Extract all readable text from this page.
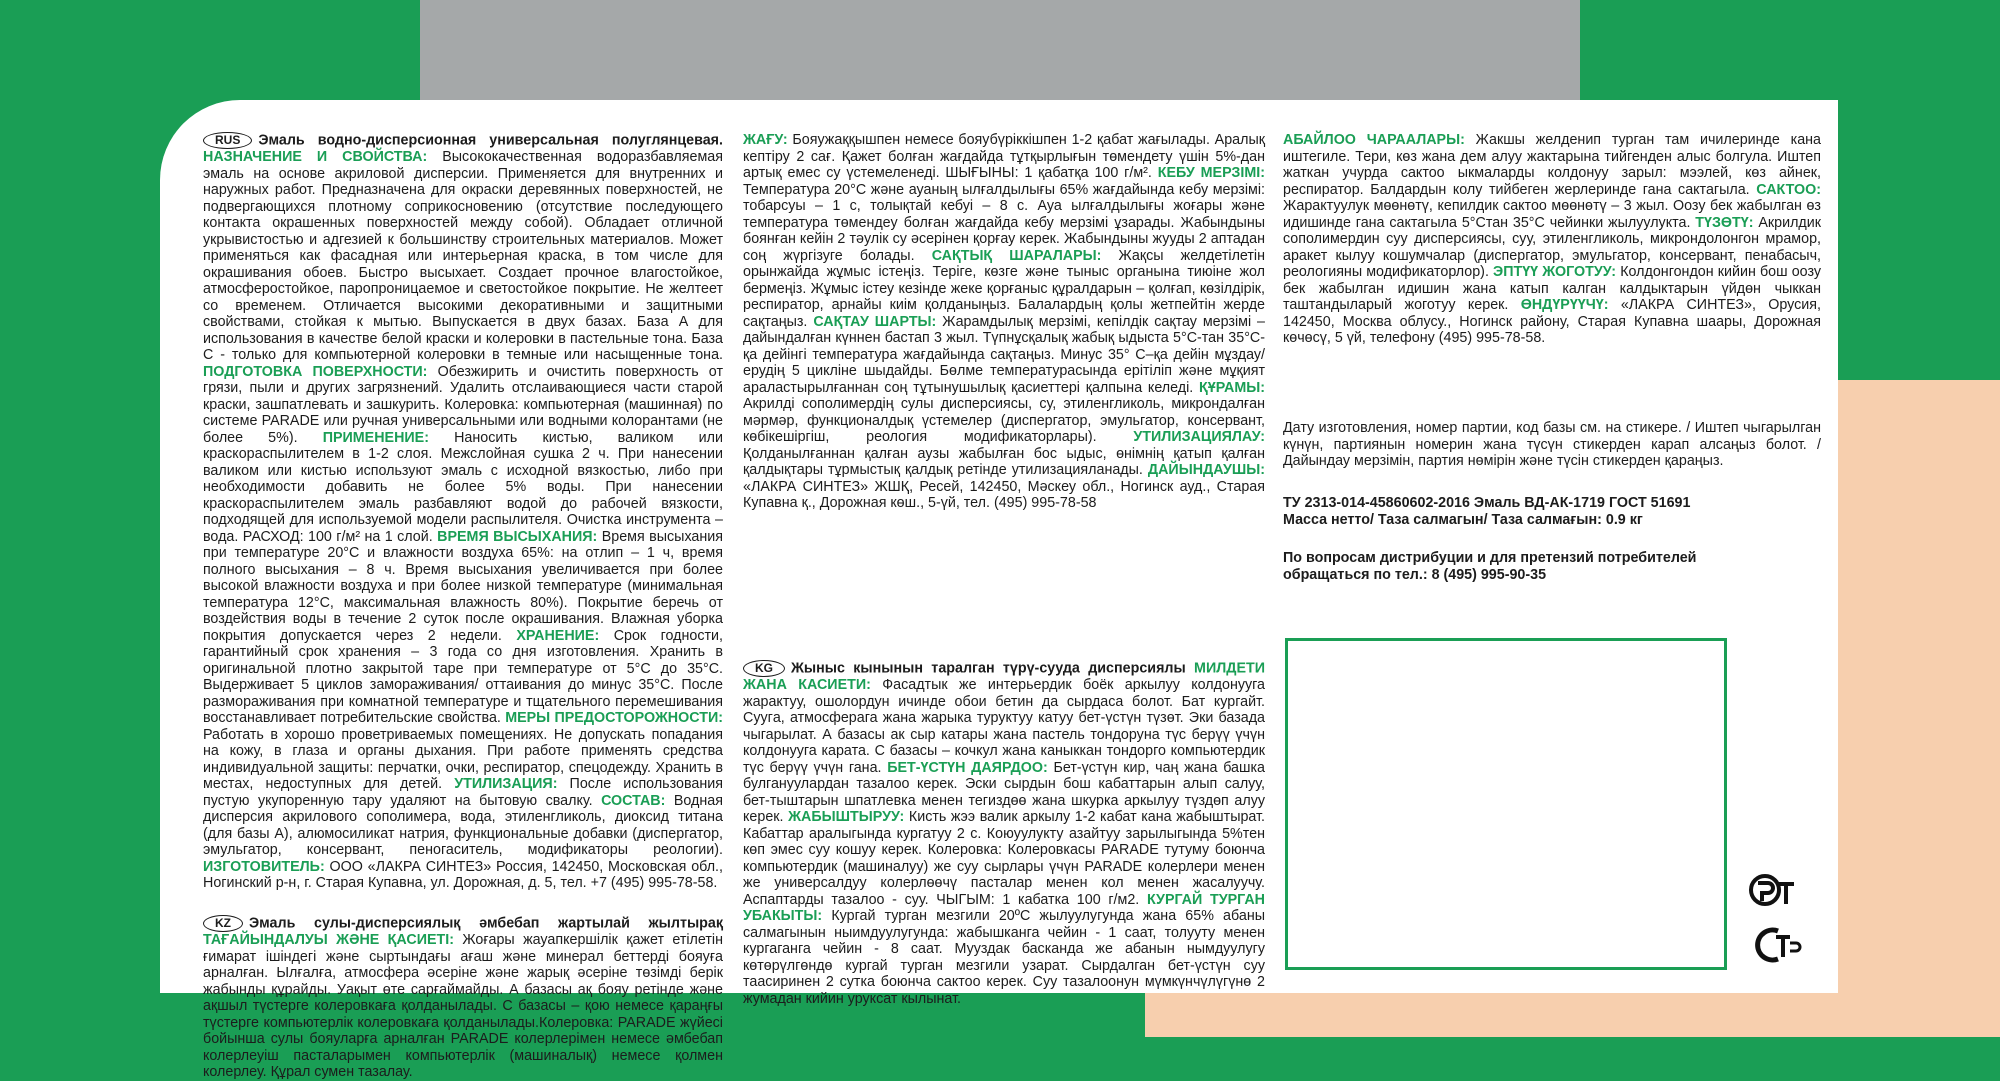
RUSЭмаль водно-дисперсионная универсальная полуглянцевая. НАЗНАЧЕНИЕ И СВОЙСТВА: Высококачественная водоразбавляемая эмаль на основе акриловой дисперсии. Применяется для внутренних и наружных работ. Предназначена для окраски деревянных поверхностей, не подвергающихся плотному соприкосновению (отсутствие последующего контакта окрашенных поверхностей между собой). Обладает отличной укрывистостью и адгезией к большинству строительных материалов. Может применяться как фасадная или интерьерная краска, в том числе для окрашивания обоев. Быстро высыхает. Создает прочное влагостойкое, атмосферостойкое, паропроницаемое и светостойкое покрытие. Не желтеет со временем. Отличается высокими декоративными и защитными свойствами, стойкая к мытью. Выпускается в двух базах. База А для использования в качестве белой краски и колеровки в пастельные тона. База С - только для компьютерной колеровки в темные или насыщенные тона. ПОДГОТОВКА ПОВЕРХНОСТИ: Обезжирить и очистить поверхность от грязи, пыли и других загрязнений. Удалить отслаивающиеся части старой краски, зашпатлевать и зашкурить. Колеровка: компьютерная (машинная) по системе PARADE или ручная универсальными или водными колорантами (не более 5%). ПРИМЕНЕНИЕ: Наносить кистью, валиком или краскораспылителем в 1-2 слоя. Межслойная сушка 2 ч. При нанесении валиком или кистью используют эмаль с исходной вязкостью, либо при необходимости добавить не более 5% воды. При нанесении краскораспылителем эмаль разбавляют водой до рабочей вязкости, подходящей для используемой модели распылителя. Очистка инструмента – вода. РАСХОД: 100 г/м² на 1 слой. ВРЕМЯ ВЫСЫХАНИЯ: Время высыхания при температуре 20°С и влажности воздуха 65%: на отлип – 1 ч, время полного высыхания – 8 ч. Время высыхания увеличивается при более высокой влажности воздуха и при более низкой температуре (минимальная температура 12°С, максимальная влажность 80%). Покрытие беречь от воздействия воды в течение 2 суток после окрашивания. Влажная уборка покрытия допускается через 2 недели. ХРАНЕНИЕ: Срок годности, гарантийный срок хранения – 3 года со дня изготовления. Хранить в оригинальной плотно закрытой таре при температуре от 5°С до 35°С. Выдерживает 5 циклов замораживания/ оттаивания до минус 35°С. После размораживания при комнатной температуре и тщательного перемешивания восстанавливает потребительские свойства. МЕРЫ ПРЕДОСТОРОЖНОСТИ: Работать в хорошо проветриваемых помещениях. Не допускать попадания на кожу, в глаза и органы дыхания. При работе применять средства индивидуальной защиты: перчатки, очки, респиратор, спецодежду. Хранить в местах, недоступных для детей. УТИЛИЗАЦИЯ: После использования пустую укупоренную тару удаляют на бытовую свалку. СОСТАВ: Водная дисперсия акрилового сополимера, вода, этиленгликоль, диоксид титана (для базы А), алюмосиликат натрия, функциональные добавки (диспергатор, эмульгатор, консервант, пеногаситель, модификаторы реологии). ИЗГОТОВИТЕЛЬ: ООО «ЛАКРА СИНТЕЗ» Россия, 142450, Московская обл., Ногинский р-н, г. Старая Купавна, ул. Дорожная, д. 5, тел. +7 (495) 995-78-58.
KZЭмаль сулы-дисперсиялық әмбебап жартылай жылтырақ ТАҒАЙЫНДАЛУЫ ЖӘНЕ ҚАСИЕТІ: Жоғары жауапкершілік қажет етілетін ғимарат ішіндегі және сыртындағы ағаш және минерал беттерді бояуға арналған. Ылғалға, атмосфера әсеріне және жарық әсеріне төзімді берік жабынды құрайды. Уақыт өте сарғаймайды. А базасы ақ бояу ретінде және ақшыл түстерге колеровкаға қолданылады. С базасы – қою немесе қараңғы түстерге компьютерлік колеровкаға қолданылады.Колеровка: PARADE жүйесі бойынша сулы бояуларға арналған PARADE колерлерімен немесе әмбебап колерлеуіш пасталарымен компьютерлік (машиналық) немесе қолмен колерлеу. Құрал сумен тазалау.
ЖАҒУ: Бояужаққышпен немесе бояубүріккішпен 1-2 қабат жағылады. Аралық кептіру 2 сағ. Қажет болған жағдайда тұтқырлығын төмендету үшін 5%-дан артық емес су үстемеленеді. ШЫҒЫНЫ: 1 қабатқа 100 г/м². КЕБУ МЕРЗІМІ: Температура 20°С және ауаның ылғалдылығы 65% жағдайында кебу мерзімі: тобарсуы – 1 с, толықтай кебуі – 8 с. Ауа ылғалдылығы жоғары және температура төмендеу болған жағдайда кебу мерзімі ұзарады. Жабындыны боянған кейін 2 тәулік су әсерінен қорғау керек. Жабындыны жууды 2 аптадан соң жүргізуге болады. САҚТЫҚ ШАРАЛАРЫ: Жақсы желдетілетін орынжайда жұмыс істеңіз. Теріге, көзге және тыныс органына тиюіне жол бермеңіз. Жұмыс істеу кезінде жеке қорғаныс құралдарын – қолғап, көзілдірік, респиратор, арнайы киім қолданыңыз. Балалардың қолы жетпейтін жерде сақтаңыз. САҚТАУ ШАРТЫ: Жарамдылық мерзімі, кепілдік сақтау мерзімі – дайындалған күннен бастап 3 жыл. Түпнұсқалық жабық ыдыста 5°С-тан 35°С-қа дейінгі температура жағдайында сақтаңыз. Минус 35° С–қа дейін мұздау/ерудің 5 цикліне шыдайды. Бөлме температурасында ерітіліп және мұқият араластырылғаннан соң тұтынушылық қасиеттері қалпына келеді. ҚҰРАМЫ: Акрилді сополимердің сулы дисперсиясы, су, этиленгликоль, микрондалған мәрмәр, функционалдық үстемелер (диспергатор, эмульгатор, консервант, көбікешіргіш, реология модификаторлары). УТИЛИЗАЦИЯЛАУ: Қолданылғаннан қалған аузы жабылған бос ыдыс, өнімнің қатып қалған қалдықтары тұрмыстық қалдық ретінде утилизацияланады. ДАЙЫНДАУШЫ: «ЛАКРА СИНТЕЗ» ЖШҚ, Ресей, 142450, Мәскеу обл., Ногинск ауд., Старая Купавна қ., Дорожная көш., 5-үй, тел. (495) 995-78-58
KGЖыныс кынынын таралган түрү-сууда дисперсиялы МИЛДЕТИ ЖАНА КАСИЕТИ: Фасадтык же интерьердик боёк аркылуу колдонууга жарактуу, ошолордун ичинде обои бетин да сырдаса болот. Бат кургайт. Суугa, атмосферага жана жарыка туруктуу катуу бет-үстүн түзөт. Эки базада чыгарылат. А базасы ак сыр катары жана пастель тондоруна түс берүү үчүн колдонууга карата. С базасы – кочкул жана каныккан тондорго компьютердик түс берүү үчүн гана. БЕТ-ҮСТҮН ДАЯРДОО: Бет-үстүн кир, чаң жана башка булгануулардан тазалоо керек. Эски сырдын бош кабаттарын алып салуу, бет-тыштарын шпатлевка менен тегиздөө жана шкурка аркылуу түздөп алуу керек. ЖАБЫШТЫРУУ: Кисть жээ валик аркылу 1-2 кабат кана жабыштырат. Кабаттар аралыгында кургатуу 2 с. Коюуулукту азайтуу зарылыгында 5%тен көп эмес суу кошуу керек. Колеровка: Колеровкасы PARADE тутуму боюнча компьютердик (машиналуу) же суу сырлары үчүн PARADE колерлери менен же универсалдуу колерлөөчү пасталар менен кол менен жасалуучу. Аспаптарды тазалоо - суу. ЧЫГЫМ: 1 кабатка 100 г/м2. КУРГАЙ ТУРГАН УБАКЫТЫ: Кургай турган мезгили 20ºС жылуулугунда жана 65% абаны салмагынын ныимдуулугунда: жабышканга чейин - 1 саат, толууту менен кургаганга чейин - 8 саат. Мууздак басканда же абанын нымдуулугу көтөрүлгөндө кургай турган мезгили узарат. Сырдалган бет-үстүн суу таасиринен 2 сутка боюнча сактоо керек. Суу тазалоонун мүмкүнчүлүгүнө 2 жумадан кийин уруксат кылынат.
АБАЙЛОО ЧАРААЛАРЫ: Жакшы желденип турган там ичилеринде кана иштегиле. Тери, көз жана дем алуу жактарына тийгенден алыс болгула. Иштеп жаткан учурда сактоо ыкмаларды колдонуу зарыл: мээлей, көз айнек, респиратор. Балдардын колу тийбеген жерлеринде гана сактагыла. САКТОО: Жарактуулук мөөнөтү, кепилдик сактоо мөөнөтү – 3 жыл. Оозу бек жабылган өз идишинде гана сактагыла 5°Стан 35°С чейинки жылуулукта. ТҮЗӨТҮ: Акрилдик сополимердин суу дисперсиясы, суу, этиленгликоль, микрондолонгон мрамор, аракет кылуу кошумчалар (диспергатор, эмульгатор, консервант, пенабасыч, реологияны модификаторлор). ЭПТҮҮ ЖОГОТУУ: Колдонгондон кийин бош оозу бек жабылган идишин жана катып калган калдыктарын үйдөн чыккан таштандыларый жоготуу керек. ӨНДҮРҮҮЧҮ: «ЛАКРА СИНТЕЗ», Орусия, 142450, Москва облусу., Ногинск району, Старая Купавна шаары, Дорожная көчөсү, 5 үй, телефону (495) 995-78-58.
Дату изготовления, номер партии, код базы см. на стикере. / Иштеп чыгарылган күнүн, партиянын номерин жана түсүн стикерден карап алсаңыз болот. / Дайындау мерзімін, партия нөмірін және түсін стикерден қараңыз.
ТУ 2313-014-45860602-2016 Эмаль ВД-АК-1719 ГОСТ 51691
Масса нетто/ Таза салмагын/ Таза салмағын: 0.9 кг
По вопросам дистрибуции и для претензий потребителей
обращаться по тел.: 8 (495) 995-90-35
